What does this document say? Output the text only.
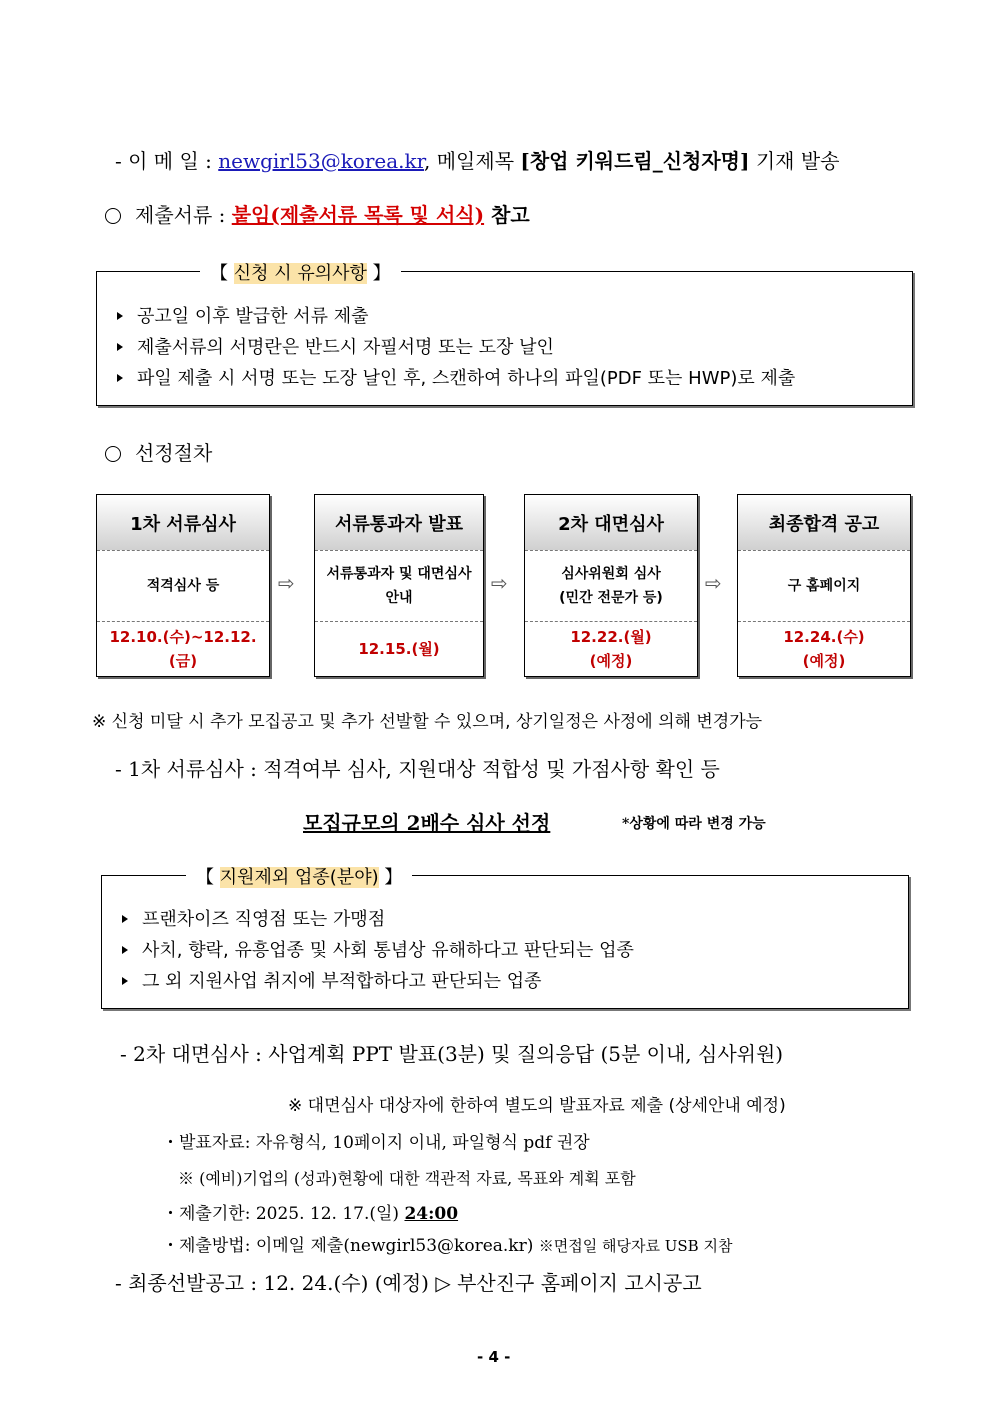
- 이 메 일 : newgirl53@korea.kr, 메일제목 [창업 키워드림_신청자명] 기재 발송
제출서류 : 붙임(제출서류 목록 및 서식) 참고
【 신청 시 유의사항 】
공고일 이후 발급한 서류 제출
제출서류의 서명란은 반드시 자필서명 또는 도장 날인
파일 제출 시 서명 또는 도장 날인 후, 스캔하여 하나의 파일(PDF 또는 HWP)로 제출
선정절차
1차 서류심사
적격심사 등
12.10.(수)~12.12.(금)
⇨
서류통과자 발표
서류통과자 및 대면심사
안내
12.15.(월)
⇨
2차 대면심사
심사위원회 심사
(민간 전문가 등)
12.22.(월)
(예정)
⇨
최종합격 공고
구 홈페이지
12.24.(수)
(예정)
※ 신청 미달 시 추가 모집공고 및 추가 선발할 수 있으며, 상기일정은 사정에 의해 변경가능
- 1차 서류심사 : 적격여부 심사, 지원대상 적합성 및 가점사항 확인 등
모집규모의 2배수 심사 선정	*상황에 따라 변경 가능
【 지원제외 업종(분야) 】
프랜차이즈 직영점 또는 가맹점
사치, 향락, 유흥업종 및 사회 통념상 유해하다고 판단되는 업종
그 외 지원사업 취지에 부적합하다고 판단되는 업종
- 2차 대면심사 : 사업계획 PPT 발표(3분) 및 질의응답 (5분 이내, 심사위원)
※ 대면심사 대상자에 한하여 별도의 발표자료 제출 (상세안내 예정)
・발표자료: 자유형식, 10페이지 이내, 파일형식 pdf 권장
※ (예비)기업의 (성과)현황에 대한 객관적 자료, 목표와 계획 포함
・제출기한: 2025. 12. 17.(일) 24:00
・제출방법: 이메일 제출(newgirl53@korea.kr) ※면접일 해당자료 USB 지참
- 최종선발공고 : 12. 24.(수) (예정) ▷ 부산진구 홈페이지 고시공고
- 4 -
